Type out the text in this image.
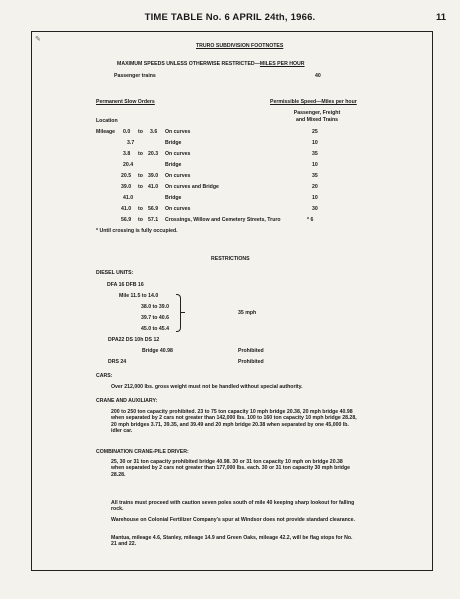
TIME TABLE No. 6 APRIL 24th, 1966.	11
✎
TRURO SUBDIVISION FOOTNOTES
MAXIMUM SPEEDS UNLESS OTHERWISE RESTRICTED—MILES PER HOUR
Passenger trains	40
Permanent Slow Orders	Permissible Speed—Miles per hour
Passenger, Freight
and Mixed Trains
Location
Mileage 0.0 to 3.6 On curves	25
3.7	Bridge	10
3.8 to 20.3 On curves	35
20.4	Bridge	10
20.5 to 39.0 On curves	35
39.0 to 41.0 On curves and Bridge	20
41.0	Bridge	10
41.0 to 56.9 On curves	30
56.9 to 57.1 Crossings, Willow and Cemetery Streets, Truro	* 6
* Until crossing is fully occupied.
RESTRICTIONS
DIESEL UNITS:
DFA 16 DFB 16
Mile 11.5 to 14.0
38.0 to 39.0
39.7 to 40.6
45.0 to 45.4
35 mph
DPA22 DS 10h DS 12
Bridge 40.98	Prohibited
DRS 24	Prohibited
CARS:
Over 212,000 lbs. gross weight must not be handled without special authority.
CRANE AND AUXILIARY:
200 to 250 ton capacity prohibited. 23 to 75 ton capacity 10 mph bridge 20.38, 20 mph bridge 40.98 when separated by 2 cars not greater than 142,000 lbs. 100 to 160 ton capacity 10 mph bridge 28.28, 20 mph bridges 3.71, 39.35, and 39.49 and 20 mph bridge 20.38 when separated by one 45,000 lb. idler car.
COMBINATION CRANE-PILE DRIVER:
25, 30 or 31 ton capacity prohibited bridge 40.98. 30 or 31 ton capacity 10 mph on bridge 20.38 when separated by 2 cars not greater than 177,000 lbs. each. 30 or 31 ton capacity 30 mph bridge 28.28.
All trains must proceed with caution seven poles south of mile 40 keeping sharp lookout for falling rock.
Warehouse on Colonial Fertilizer Company's spur at Windsor does not provide standard clearance.
Mantua, mileage 4.6, Stanley, mileage 14.9 and Green Oaks, mileage 42.2, will be flag stops for No. 21 and 22.
